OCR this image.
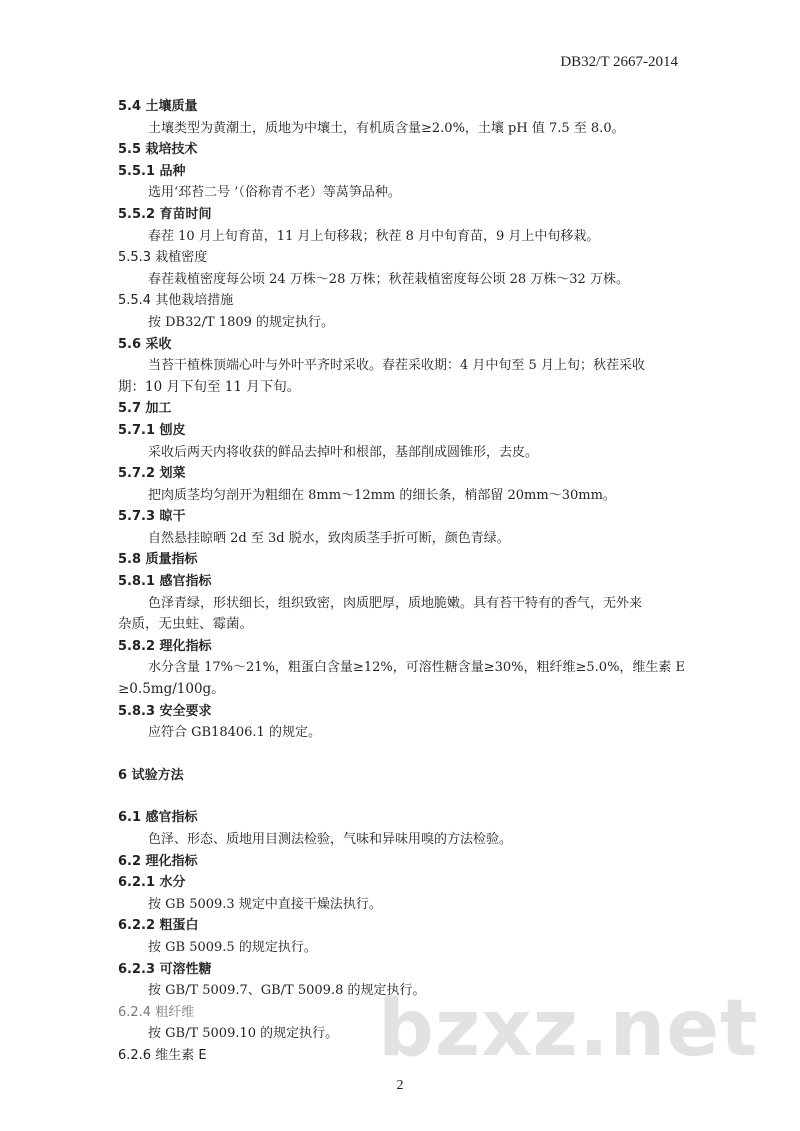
DB32/T 2667-2014
5.4 土壤质量
土壤类型为黄潮土，质地为中壤土，有机质含量≥2.0%，土壤 pH 值 7.5 至 8.0。
5.5 栽培技术
5.5.1 品种
选用‘邳苔二号 ’（俗称青不老）等莴笋品种。
5.5.2 育苗时间
春茬 10 月上旬育苗，11 月上旬移栽；秋茬 8 月中旬育苗，9 月上中旬移栽。
5.5.3 栽植密度
春茬栽植密度每公顷 24 万株～28 万株；秋茬栽植密度每公顷 28 万株～32 万株。
5.5.4 其他栽培措施
按 DB32/T 1809 的规定执行。
5.6 采收
当苔干植株顶端心叶与外叶平齐时采收。春茬采收期：4 月中旬至 5 月上旬；秋茬采收
期：10 月下旬至 11 月下旬。
5.7 加工
5.7.1 刨皮
采收后两天内将收获的鲜品去掉叶和根部，基部削成圆锥形，去皮。
5.7.2 划菜
把肉质茎均匀剖开为粗细在 8mm～12mm 的细长条，梢部留 20mm～30mm。
5.7.3 晾干
自然悬挂晾晒 2d 至 3d 脱水，致肉质茎手折可断，颜色青绿。
5.8 质量指标
5.8.1 感官指标
色泽青绿，形状细长，组织致密，肉质肥厚，质地脆嫩。具有苔干特有的香气，无外来
杂质，无虫蛀、霉菌。
5.8.2 理化指标
水分含量 17%～21%，粗蛋白含量≥12%，可溶性糖含量≥30%，粗纤维≥5.0%，维生素 E
≥0.5mg/100g。
5.8.3 安全要求
应符合 GB18406.1 的规定。
6 试验方法
6.1 感官指标
色泽、形态、质地用目测法检验，气味和异味用嗅的方法检验。
6.2 理化指标
6.2.1 水分
按 GB 5009.3 规定中直接干燥法执行。
6.2.2 粗蛋白
按 GB 5009.5 的规定执行。
6.2.3 可溶性糖
按 GB/T 5009.7、GB/T 5009.8 的规定执行。
6.2.4 粗纤维
按 GB/T 5009.10 的规定执行。
6.2.6 维生素 E
2
bzxz.net
